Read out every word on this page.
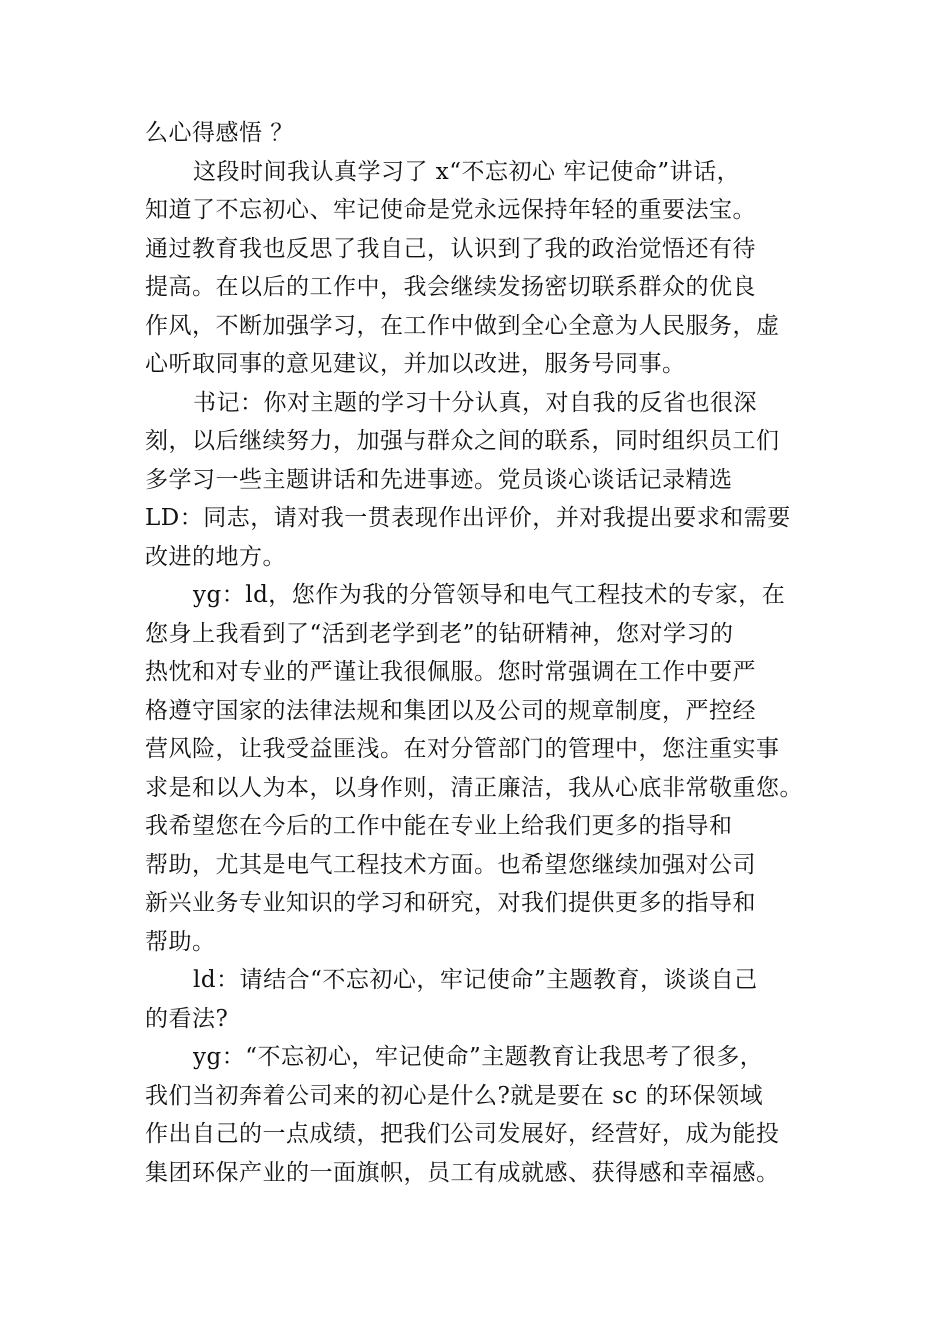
么心得感悟 ？
这段时间我认真学习了 x“不忘初心 牢记使命”讲话，
知道了不忘初心、牢记使命是党永远保持年轻的重要法宝。
通过教育我也反思了我自己，认识到了我的政治觉悟还有待
提高。在以后的工作中，我会继续发扬密切联系群众的优良
作风，不断加强学习，在工作中做到全心全意为人民服务，虚
心听取同事的意见建议，并加以改进，服务号同事。
书记：你对主题的学习十分认真，对自我的反省也很深
刻，以后继续努力，加强与群众之间的联系，同时组织员工们
多学习一些主题讲话和先进事迹。党员谈心谈话记录精选
LD：同志，请对我一贯表现作出评价，并对我提出要求和需要
改进的地方。
yg：ld，您作为我的分管领导和电气工程技术的专家，在
您身上我看到了“活到老学到老”的钻研精神，您对学习的
热忱和对专业的严谨让我很佩服。您时常强调在工作中要严
格遵守国家的法律法规和集团以及公司的规章制度，严控经
营风险，让我受益匪浅。在对分管部门的管理中，您注重实事
求是和以人为本，以身作则，清正廉洁，我从心底非常敬重您。
我希望您在今后的工作中能在专业上给我们更多的指导和
帮助，尤其是电气工程技术方面。也希望您继续加强对公司
新兴业务专业知识的学习和研究，对我们提供更多的指导和
帮助。
ld：请结合“不忘初心，牢记使命”主题教育，谈谈自己
的看法?
yg：“不忘初心，牢记使命”主题教育让我思考了很多，
我们当初奔着公司来的初心是什么?就是要在 sc 的环保领域
作出自己的一点成绩，把我们公司发展好，经营好，成为能投
集团环保产业的一面旗帜，员工有成就感、获得感和幸福感。
